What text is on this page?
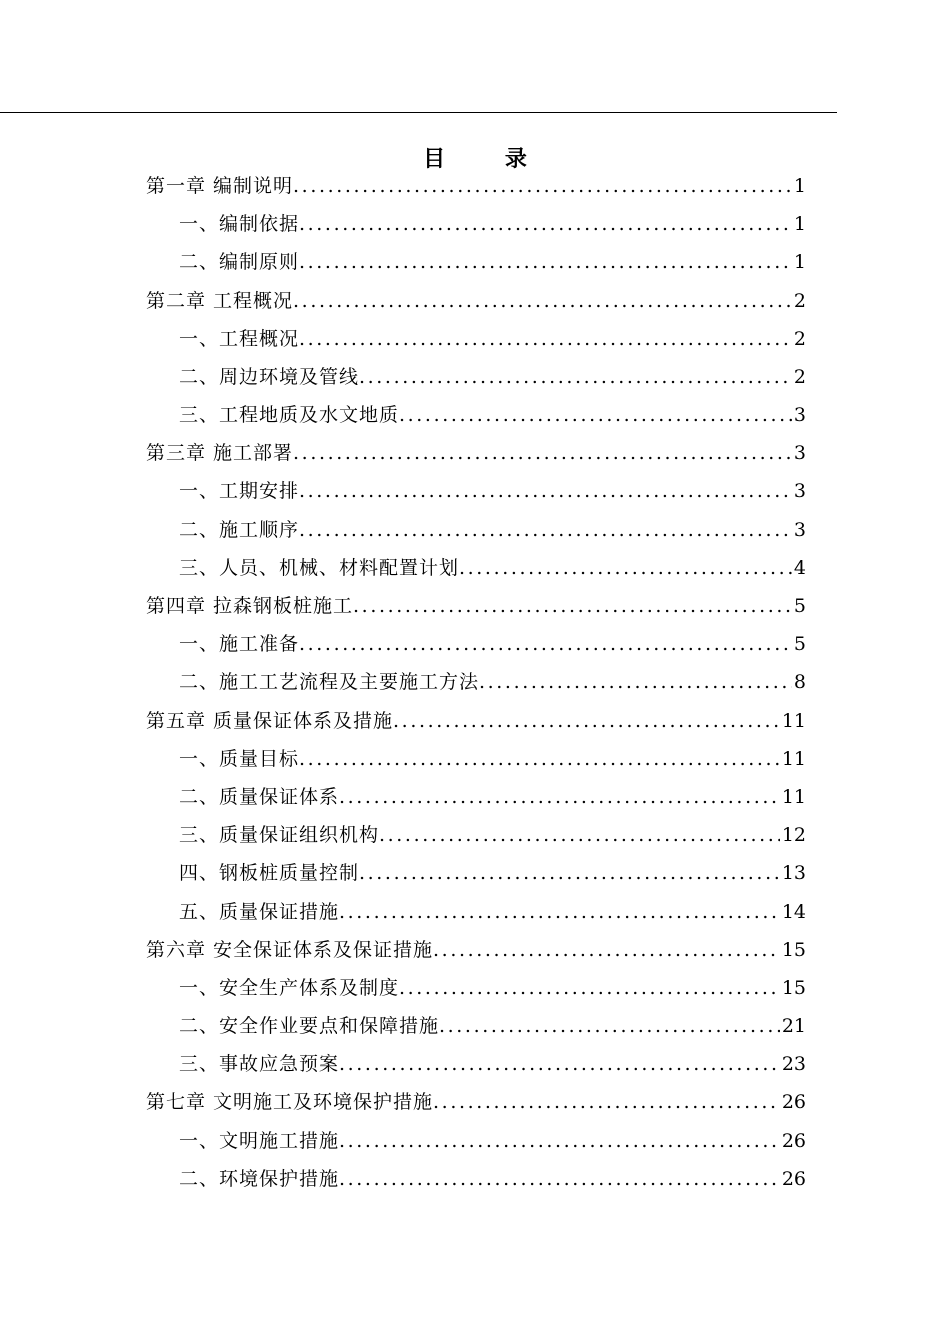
目 录
第一章 编制说明 .....	1
一、编制依据 .....	1
二、编制原则 .....	1
第二章 工程概况 .....	2
一、工程概况 .....	2
二、周边环境及管线 .....	2
三、工程地质及水文地质 .....	3
第三章 施工部署 .....	3
一、工期安排 .....	3
二、施工顺序 .....	3
三、人员、机械、材料配置计划 .....	4
第四章 拉森钢板桩施工 .....	5
一、施工准备 .....	5
二、施工工艺流程及主要施工方法 .....	8
第五章 质量保证体系及措施 .....	11
一、质量目标 .....	11
二、质量保证体系 .....	11
三、质量保证组织机构 .....	12
四、钢板桩质量控制 .....	13
五、质量保证措施 .....	14
第六章 安全保证体系及保证措施 .....	15
一、安全生产体系及制度 .....	15
二、安全作业要点和保障措施 .....	21
三、事故应急预案 .....	23
第七章 文明施工及环境保护措施 .....	26
一、文明施工措施 .....	26
二、环境保护措施 .....	26
